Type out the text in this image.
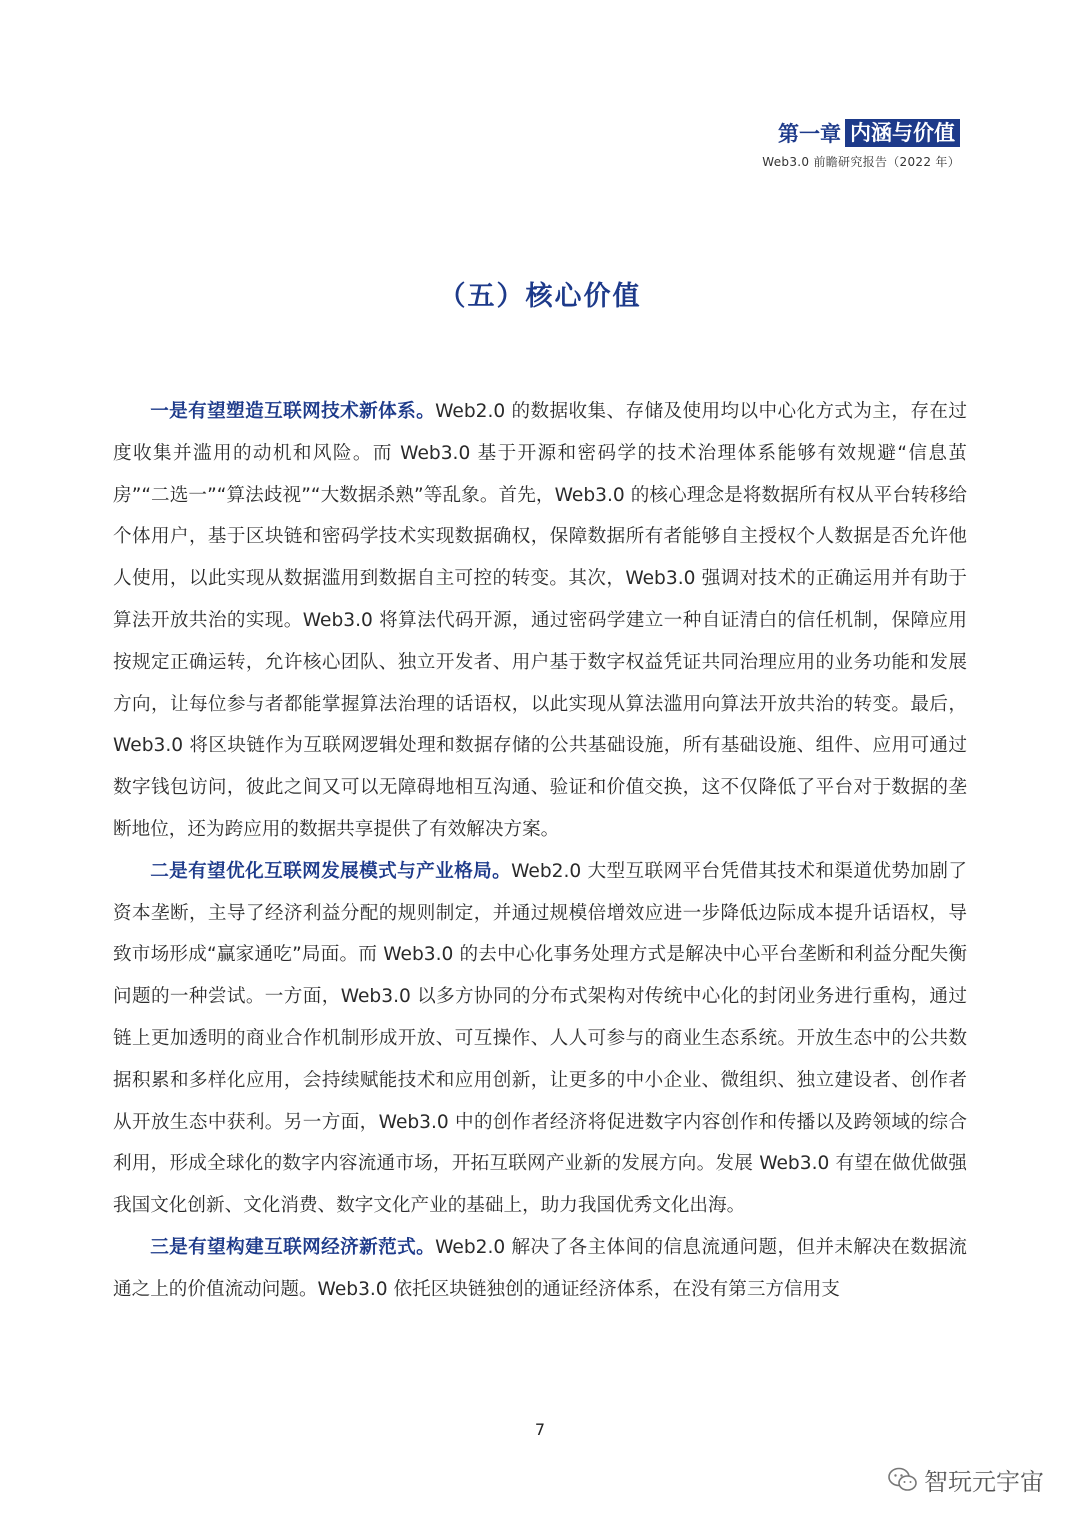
第一章 内涵与价值
Web3.0 前瞻研究报告（2022 年）
（五）核心价值

一是有望塑造互联网技术新体系。Web2.0 的数据收集、存储及使用均以中心化方式为主，存在过度收集并滥用的动机和风险。而 Web3.0 基于开源和密码学的技术治理体系能够有效规避“信息茧房”“二选一”“算法歧视”“大数据杀熟”等乱象。首先，Web3.0 的核心理念是将数据所有权从平台转移给个体用户，基于区块链和密码学技术实现数据确权，保障数据所有者能够自主授权个人数据是否允许他人使用，以此实现从数据滥用到数据自主可控的转变。其次，Web3.0 强调对技术的正确运用并有助于算法开放共治的实现。Web3.0 将算法代码开源，通过密码学建立一种自证清白的信任机制，保障应用按规定正确运转，允许核心团队、独立开发者、用户基于数字权益凭证共同治理应用的业务功能和发展方向，让每位参与者都能掌握算法治理的话语权，以此实现从算法滥用向算法开放共治的转变。最后，Web3.0 将区块链作为互联网逻辑处理和数据存储的公共基础设施，所有基础设施、组件、应用可通过数字钱包访问，彼此之间又可以无障碍地相互沟通、验证和价值交换，这不仅降低了平台对于数据的垄断地位，还为跨应用的数据共享提供了有效解决方案。

二是有望优化互联网发展模式与产业格局。Web2.0 大型互联网平台凭借其技术和渠道优势加剧了资本垄断，主导了经济利益分配的规则制定，并通过规模倍增效应进一步降低边际成本提升话语权，导致市场形成“赢家通吃”局面。而 Web3.0 的去中心化事务处理方式是解决中心平台垄断和利益分配失衡问题的一种尝试。一方面，Web3.0 以多方协同的分布式架构对传统中心化的封闭业务进行重构，通过链上更加透明的商业合作机制形成开放、可互操作、人人可参与的商业生态系统。开放生态中的公共数据积累和多样化应用，会持续赋能技术和应用创新，让更多的中小企业、微组织、独立建设者、创作者从开放生态中获利。另一方面，Web3.0 中的创作者经济将促进数字内容创作和传播以及跨领域的综合利用，形成全球化的数字内容流通市场，开拓互联网产业新的发展方向。发展 Web3.0 有望在做优做强我国文化创新、文化消费、数字文化产业的基础上，助力我国优秀文化出海。

三是有望构建互联网经济新范式。Web2.0 解决了各主体间的信息流通问题，但并未解决在数据流通之上的价值流动问题。Web3.0 依托区块链独创的通证经济体系，在没有第三方信用支

7
智玩元宇宙
